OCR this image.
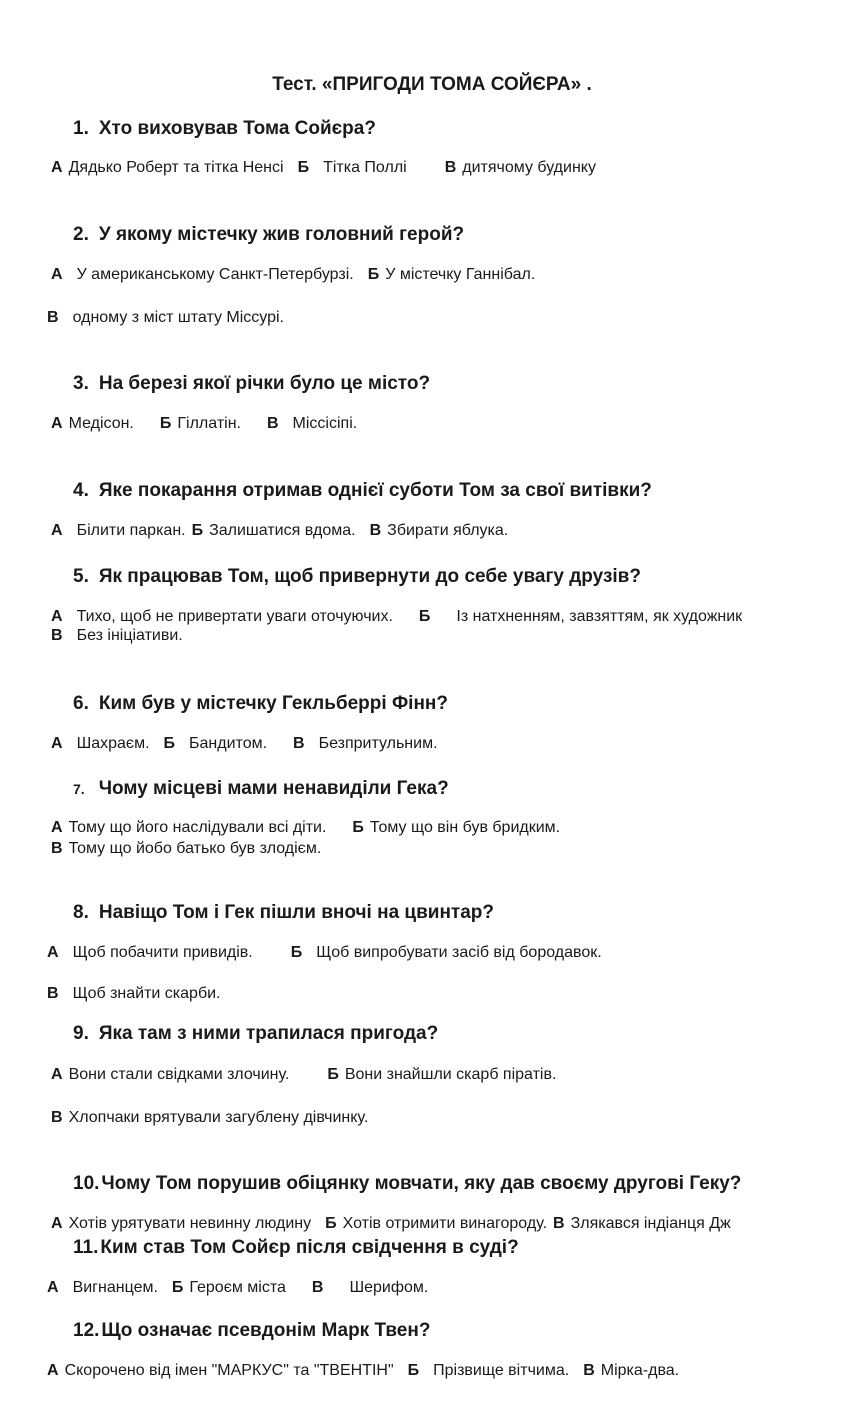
Тест. «ПРИГОДИ ТОМА СОЙЄРА» .
1. Хто виховував Тома Сойєра?
А Дядько Роберт та тітка Ненсі Б Тітка Поллі В дитячому будинку
2. У якому містечку жив головний герой?
А У американському Санкт-Петербурзі. Б У містечку Ганнібал.
В одному з міст штату Міссурі.
3. На березі якої річки було це місто?
А Медісон. Б Гіллатін. В Міссісіпі.
4. Яке покарання отримав однієї суботи Том за свої витівки?
А Білити паркан. Б Залишатися вдома. В Збирати яблука.
5. Як працював Том, щоб привернути до себе увагу друзів?
А Тихо, щоб не привертати уваги оточуючих. Б Із натхненням, завзяттям, як художник
В Без ініціативи.
6. Ким був у містечку Гекльберрі Фінн?
А Шахраєм. Б Бандитом. В Безпритульним.
7. Чому місцеві мами ненавиділи Гека?
А Тому що його наслідували всі діти. Б Тому що він був бридким.
В Тому що йобо батько був злодієм.
8. Навіщо Том і Гек пішли вночі на цвинтар?
А Щоб побачити привидів. Б Щоб випробувати засіб від бородавок.
В Щоб знайти скарби.
9. Яка там з ними трапилася пригода?
А Вони стали свідками злочину. Б Вони знайшли скарб піратів.
В Хлопчаки врятували загублену дівчинку.
10. Чому Том порушив обіцянку мовчати, яку дав своєму другові Геку?
А Хотів урятувати невинну людину Б Хотів отримити винагороду. В Злякався індіанця Дж
11. Ким став Том Сойєр після свідчення в суді?
А Вигнанцем. Б Героєм міста В Шерифом.
12. Що означає псевдонім Марк Твен?
А Скорочено від імен "МАРКУС" та "ТВЕНТІН" Б Прізвище вітчима. В Мірка-два.
